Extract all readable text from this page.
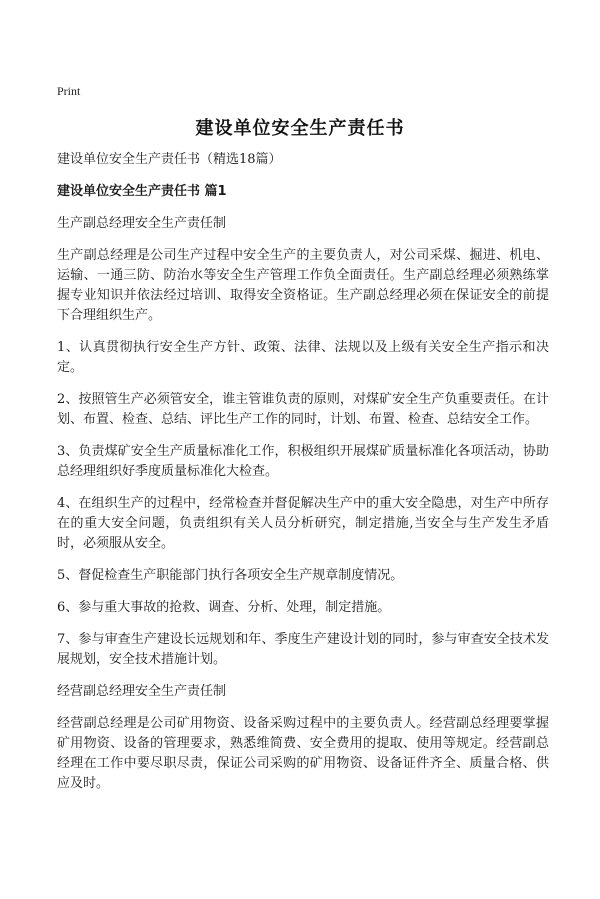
Print
建设单位安全生产责任书

建设单位安全生产责任书（精选18篇）

建设单位安全生产责任书 篇1

生产副总经理安全生产责任制

生产副总经理是公司生产过程中安全生产的主要负责人，对公司采煤、掘进、机电、运输、一通三防、防治水等安全生产管理工作负全面责任。生产副总经理必须熟练掌握专业知识并依法经过培训、取得安全资格证。生产副总经理必须在保证安全的前提下合理组织生产。

1、认真贯彻执行安全生产方针、政策、法律、法规以及上级有关安全生产指示和决定。

2、按照管生产必须管安全，谁主管谁负责的原则，对煤矿安全生产负重要责任。在计划、布置、检查、总结、评比生产工作的同时，计划、布置、检查、总结安全工作。

3、负责煤矿安全生产质量标准化工作，积极组织开展煤矿质量标准化各项活动，协助总经理组织好季度质量标准化大检查。

4、在组织生产的过程中，经常检查并督促解决生产中的重大安全隐患，对生产中所存在的重大安全问题，负责组织有关人员分析研究，制定措施,当安全与生产发生矛盾时，必须服从安全。

5、督促检查生产职能部门执行各项安全生产规章制度情况。

6、参与重大事故的抢救、调查、分析、处理，制定措施。

7、参与审查生产建设长远规划和年、季度生产建设计划的同时，参与审查安全技术发展规划，安全技术措施计划。

经营副总经理安全生产责任制

经营副总经理是公司矿用物资、设备采购过程中的主要负责人。经营副总经理要掌握矿用物资、设备的管理要求，熟悉维简费、安全费用的提取、使用等规定。经营副总经理在工作中要尽职尽责，保证公司采购的矿用物资、设备证件齐全、质量合格、供应及时。
